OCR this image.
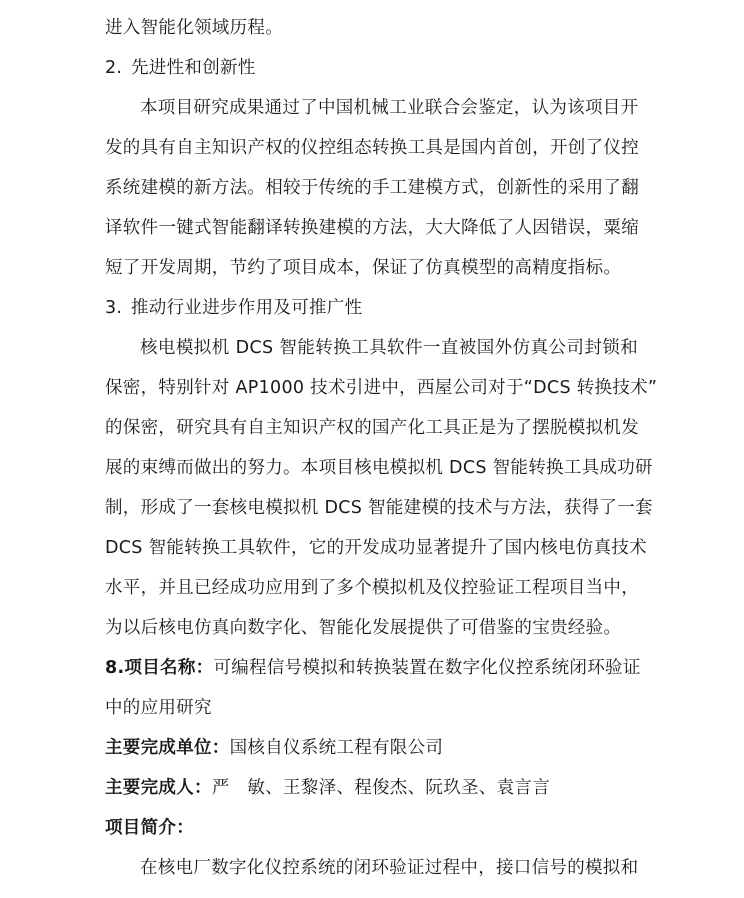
进入智能化领域历程。
2. 先进性和创新性
本项目研究成果通过了中国机械工业联合会鉴定，认为该项目开
发的具有自主知识产权的仪控组态转换工具是国内首创，开创了仪控
系统建模的新方法。相较于传统的手工建模方式，创新性的采用了翻
译软件一键式智能翻译转换建模的方法，大大降低了人因错误，粟缩
短了开发周期，节约了项目成本，保证了仿真模型的高精度指标。
3. 推动行业进步作用及可推广性
核电模拟机 DCS 智能转换工具软件一直被国外仿真公司封锁和
保密，特别针对 AP1000 技术引进中，西屋公司对于“DCS 转换技术”
的保密，研究具有自主知识产权的国产化工具正是为了摆脱模拟机发
展的束缚而做出的努力。本项目核电模拟机 DCS 智能转换工具成功研
制，形成了一套核电模拟机 DCS 智能建模的技术与方法，获得了一套
DCS 智能转换工具软件，它的开发成功显著提升了国内核电仿真技术
水平，并且已经成功应用到了多个模拟机及仪控验证工程项目当中，
为以后核电仿真向数字化、智能化发展提供了可借鉴的宝贵经验。
8.项目名称：可编程信号模拟和转换装置在数字化仪控系统闭环验证
中的应用研究
主要完成单位：国核自仪系统工程有限公司
主要完成人：严　敏、王黎泽、程俊杰、阮玖圣、袁言言
项目简介：
在核电厂数字化仪控系统的闭环验证过程中，接口信号的模拟和
